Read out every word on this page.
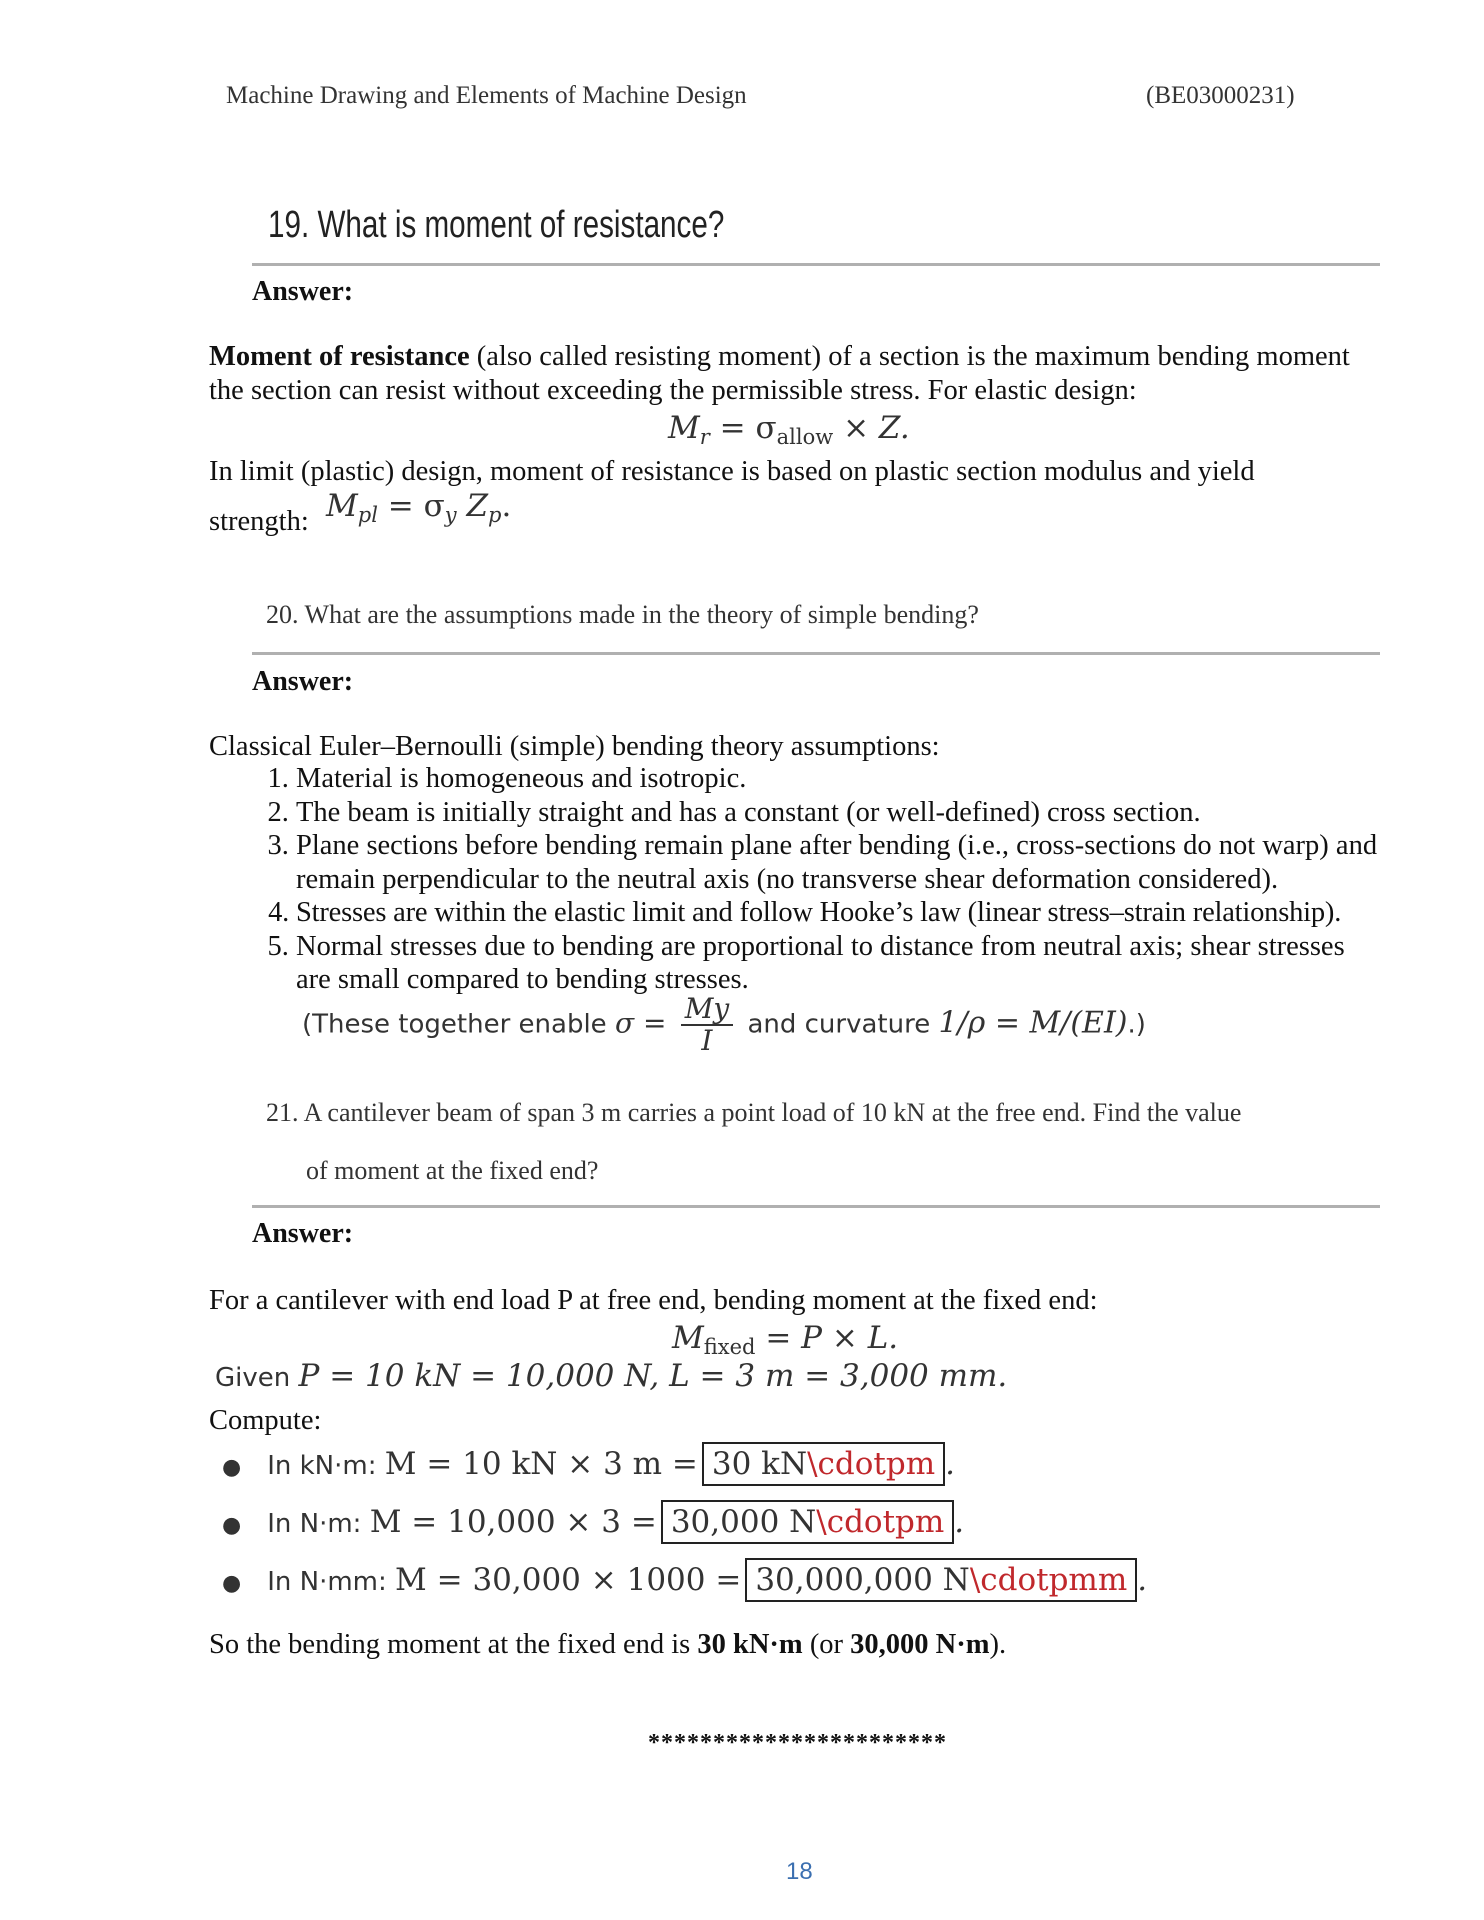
Machine Drawing and Elements of Machine Design	(BE03000231)
19. What is moment of resistance?
Answer:
Moment of resistance (also called resisting moment) of a section is the maximum bending moment
the section can resist without exceeding the permissible stress. For elastic design:
$Mr = \sigma_{allow} \times Z$.
In limit (plastic) design, moment of resistance is based on plastic section modulus and yield
strength: Mpl = σy Zp.
20. What are the assumptions made in the theory of simple bending?
Answer:
Classical Euler–Bernoulli (simple) bending theory assumptions:
1. Material is homogeneous and isotropic.
2. The beam is initially straight and has a constant (or well-defined) cross section.
3. Plane sections before bending remain plane after bending (i.e., cross-sections do not warp) and remain perpendicular to the neutral axis (no transverse shear deformation considered).
4. Stresses are within the elastic limit and follow Hooke’s law (linear stress–strain relationship).
5. Normal stresses due to bending are proportional to distance from neutral axis; shear stresses are small compared to bending stresses.
(These together enable $\sigma = \frac{My}{I}$ and curvature 1/ρ = M/(EI).)
21. A cantilever beam of span 3 m carries a point load of 10 kN at the free end. Find the value
of moment at the fixed end?
Answer:
For a cantilever with end load P at free end, bending moment at the fixed end:
$M_{fixed} = P \times L$.
Given P = 10 kN = 10,000 N, L = 3 m = 3,000 mm.
Compute:
● In kN·m: M = 10 kN × 3 m = 30 kN\cdotpm .
● In N·m: M = 10,000 × 3 = 30,000 N\cdotpm .
● In N·mm: M = 30,000 × 1000 = 30,000,000 N\cdotpmm .
So the bending moment at the fixed end is 30 kN·m (or 30,000 N·m).
***********************
18
